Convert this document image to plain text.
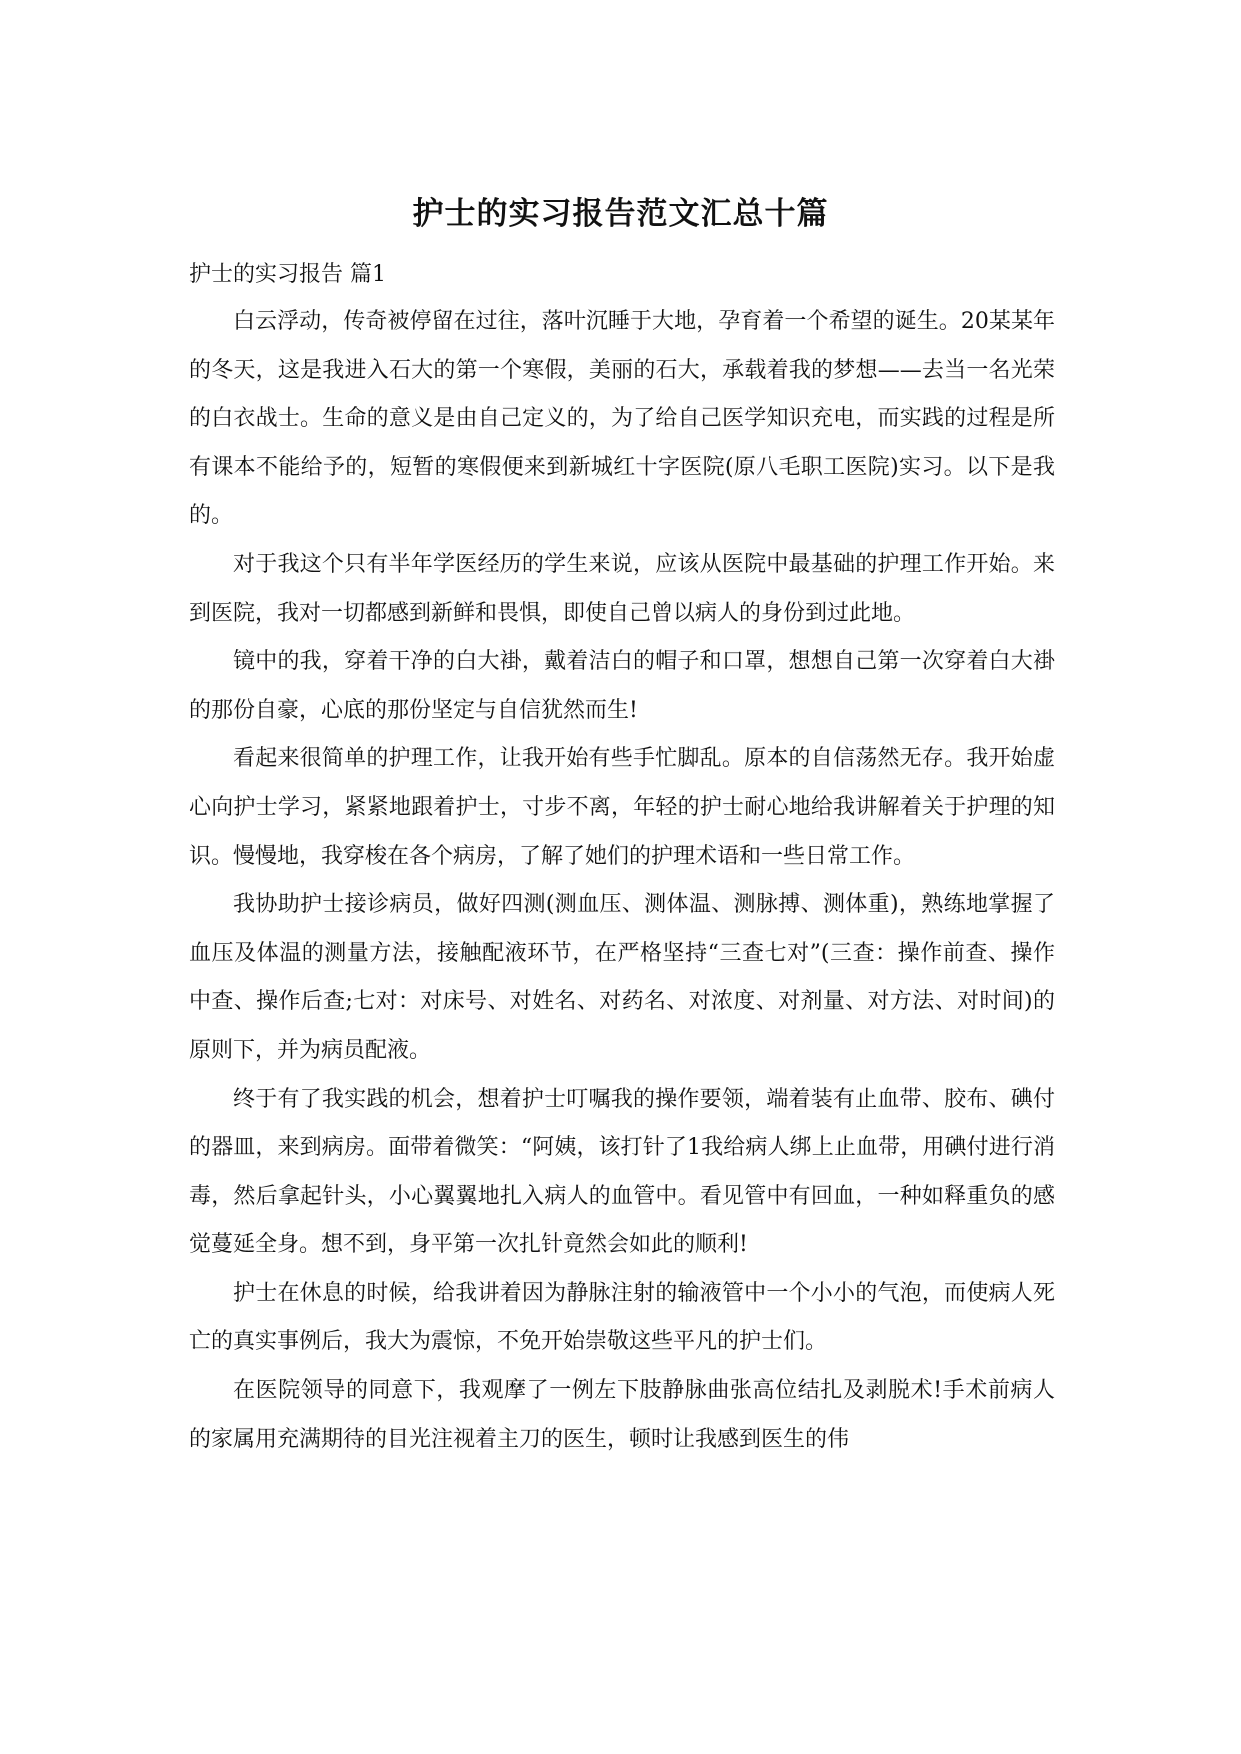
护士的实习报告范文汇总十篇
护士的实习报告 篇1

白云浮动，传奇被停留在过往，落叶沉睡于大地，孕育着一个希望的诞生。20某某年的冬天，这是我进入石大的第一个寒假，美丽的石大，承载着我的梦想——去当一名光荣的白衣战士。生命的意义是由自己定义的，为了给自己医学知识充电，而实践的过程是所有课本不能给予的，短暂的寒假便来到新城红十字医院(原八毛职工医院)实习。以下是我的。

对于我这个只有半年学医经历的学生来说，应该从医院中最基础的护理工作开始。来到医院，我对一切都感到新鲜和畏惧，即使自己曾以病人的身份到过此地。

镜中的我，穿着干净的白大褂，戴着洁白的帽子和口罩，想想自己第一次穿着白大褂的那份自豪，心底的那份坚定与自信犹然而生!

看起来很简单的护理工作，让我开始有些手忙脚乱。原本的自信荡然无存。我开始虚心向护士学习，紧紧地跟着护士，寸步不离，年轻的护士耐心地给我讲解着关于护理的知识。慢慢地，我穿梭在各个病房，了解了她们的护理术语和一些日常工作。

我协助护士接诊病员，做好四测(测血压、测体温、测脉搏、测体重)，熟练地掌握了血压及体温的测量方法，接触配液环节，在严格坚持“三查七对”(三查：操作前查、操作中查、操作后查;七对：对床号、对姓名、对药名、对浓度、对剂量、对方法、对时间)的原则下，并为病员配液。

终于有了我实践的机会，想着护士叮嘱我的操作要领，端着装有止血带、胶布、碘付的器皿，来到病房。面带着微笑：“阿姨，该打针了1我给病人绑上止血带，用碘付进行消毒，然后拿起针头，小心翼翼地扎入病人的血管中。看见管中有回血，一种如释重负的感觉蔓延全身。想不到，身平第一次扎针竟然会如此的顺利!

护士在休息的时候，给我讲着因为静脉注射的输液管中一个小小的气泡，而使病人死亡的真实事例后，我大为震惊，不免开始崇敬这些平凡的护士们。

在医院领导的同意下，我观摩了一例左下肢静脉曲张高位结扎及剥脱术!手术前病人的家属用充满期待的目光注视着主刀的医生，顿时让我感到医生的伟
